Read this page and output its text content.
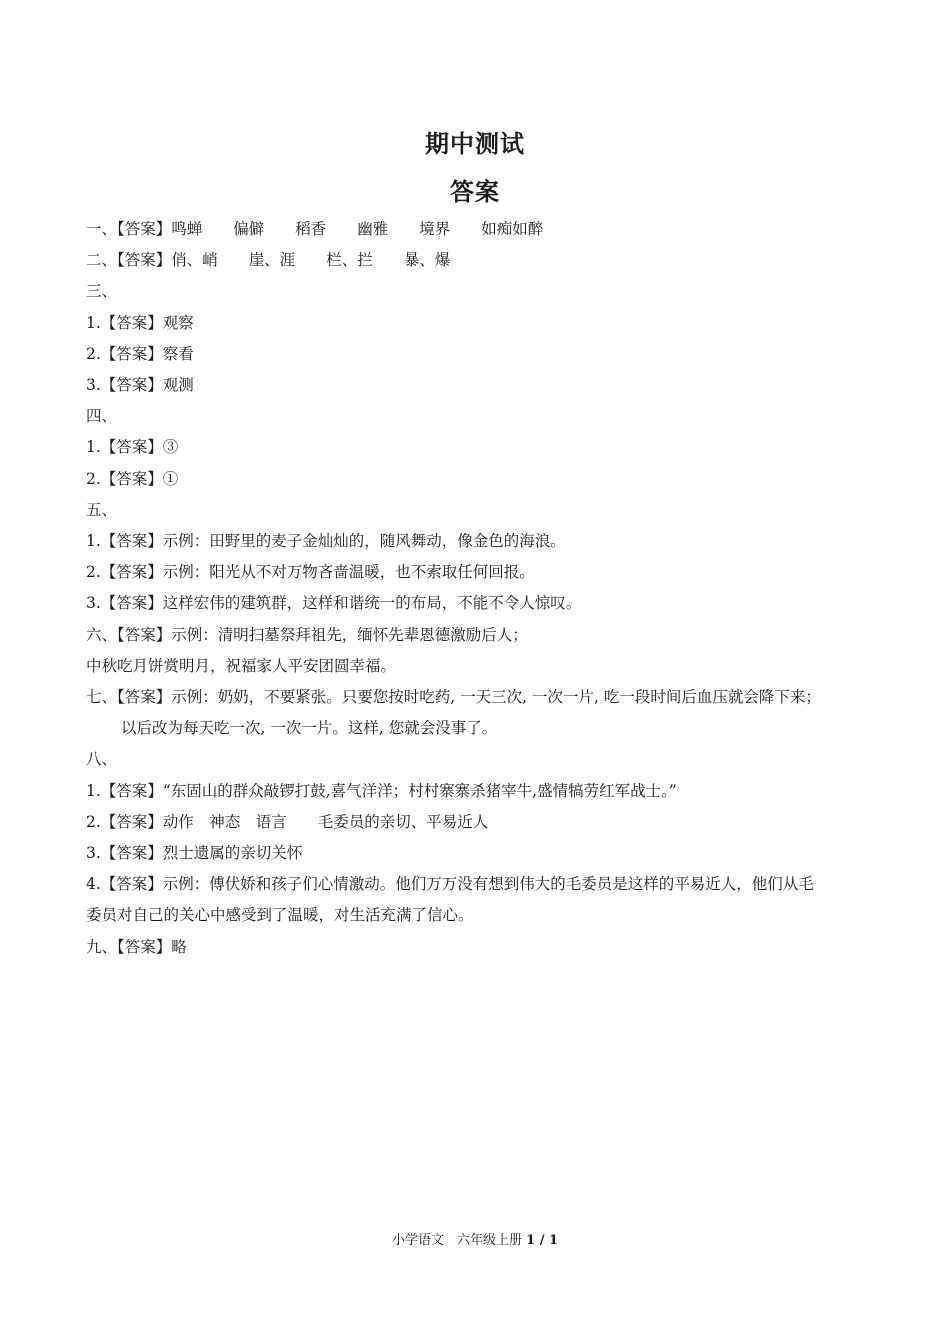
期中测试
答案
一、【答案】鸣蝉　　偏僻　　稻香　　幽雅　　境界　　如痴如醉
二、【答案】俏、峭　　崖、涯　　栏、拦　　暴、爆
三、
1.【答案】观察
2.【答案】察看
3.【答案】观测
四、
1.【答案】③
2.【答案】①
五、
1.【答案】示例：田野里的麦子金灿灿的，随风舞动，像金色的海浪。
2.【答案】示例：阳光从不对万物吝啬温暖，也不索取任何回报。
3.【答案】这样宏伟的建筑群，这样和谐统一的布局，不能不令人惊叹。
六、【答案】示例：清明扫墓祭拜祖先，缅怀先辈恩德激励后人；
中秋吃月饼赏明月，祝福家人平安团圆幸福。
七、【答案】示例：奶奶，不要紧张。只要您按时吃药, 一天三次, 一次一片, 吃一段时间后血压就会降下来；
以后改为每天吃一次, 一次一片。这样, 您就会没事了。
八、
1.【答案】“东固山的群众敲锣打鼓,喜气洋洋；村村寨寨杀猪宰牛,盛情犒劳红军战士。”
2.【答案】动作　神态　语言　　毛委员的亲切、平易近人
3.【答案】烈士遗属的亲切关怀
4.【答案】示例：傅伏娇和孩子们心情激动。他们万万没有想到伟大的毛委员是这样的平易近人，他们从毛
委员对自己的关心中感受到了温暖，对生活充满了信心。
九、【答案】略
小学语文　六年级上册 1 / 1
